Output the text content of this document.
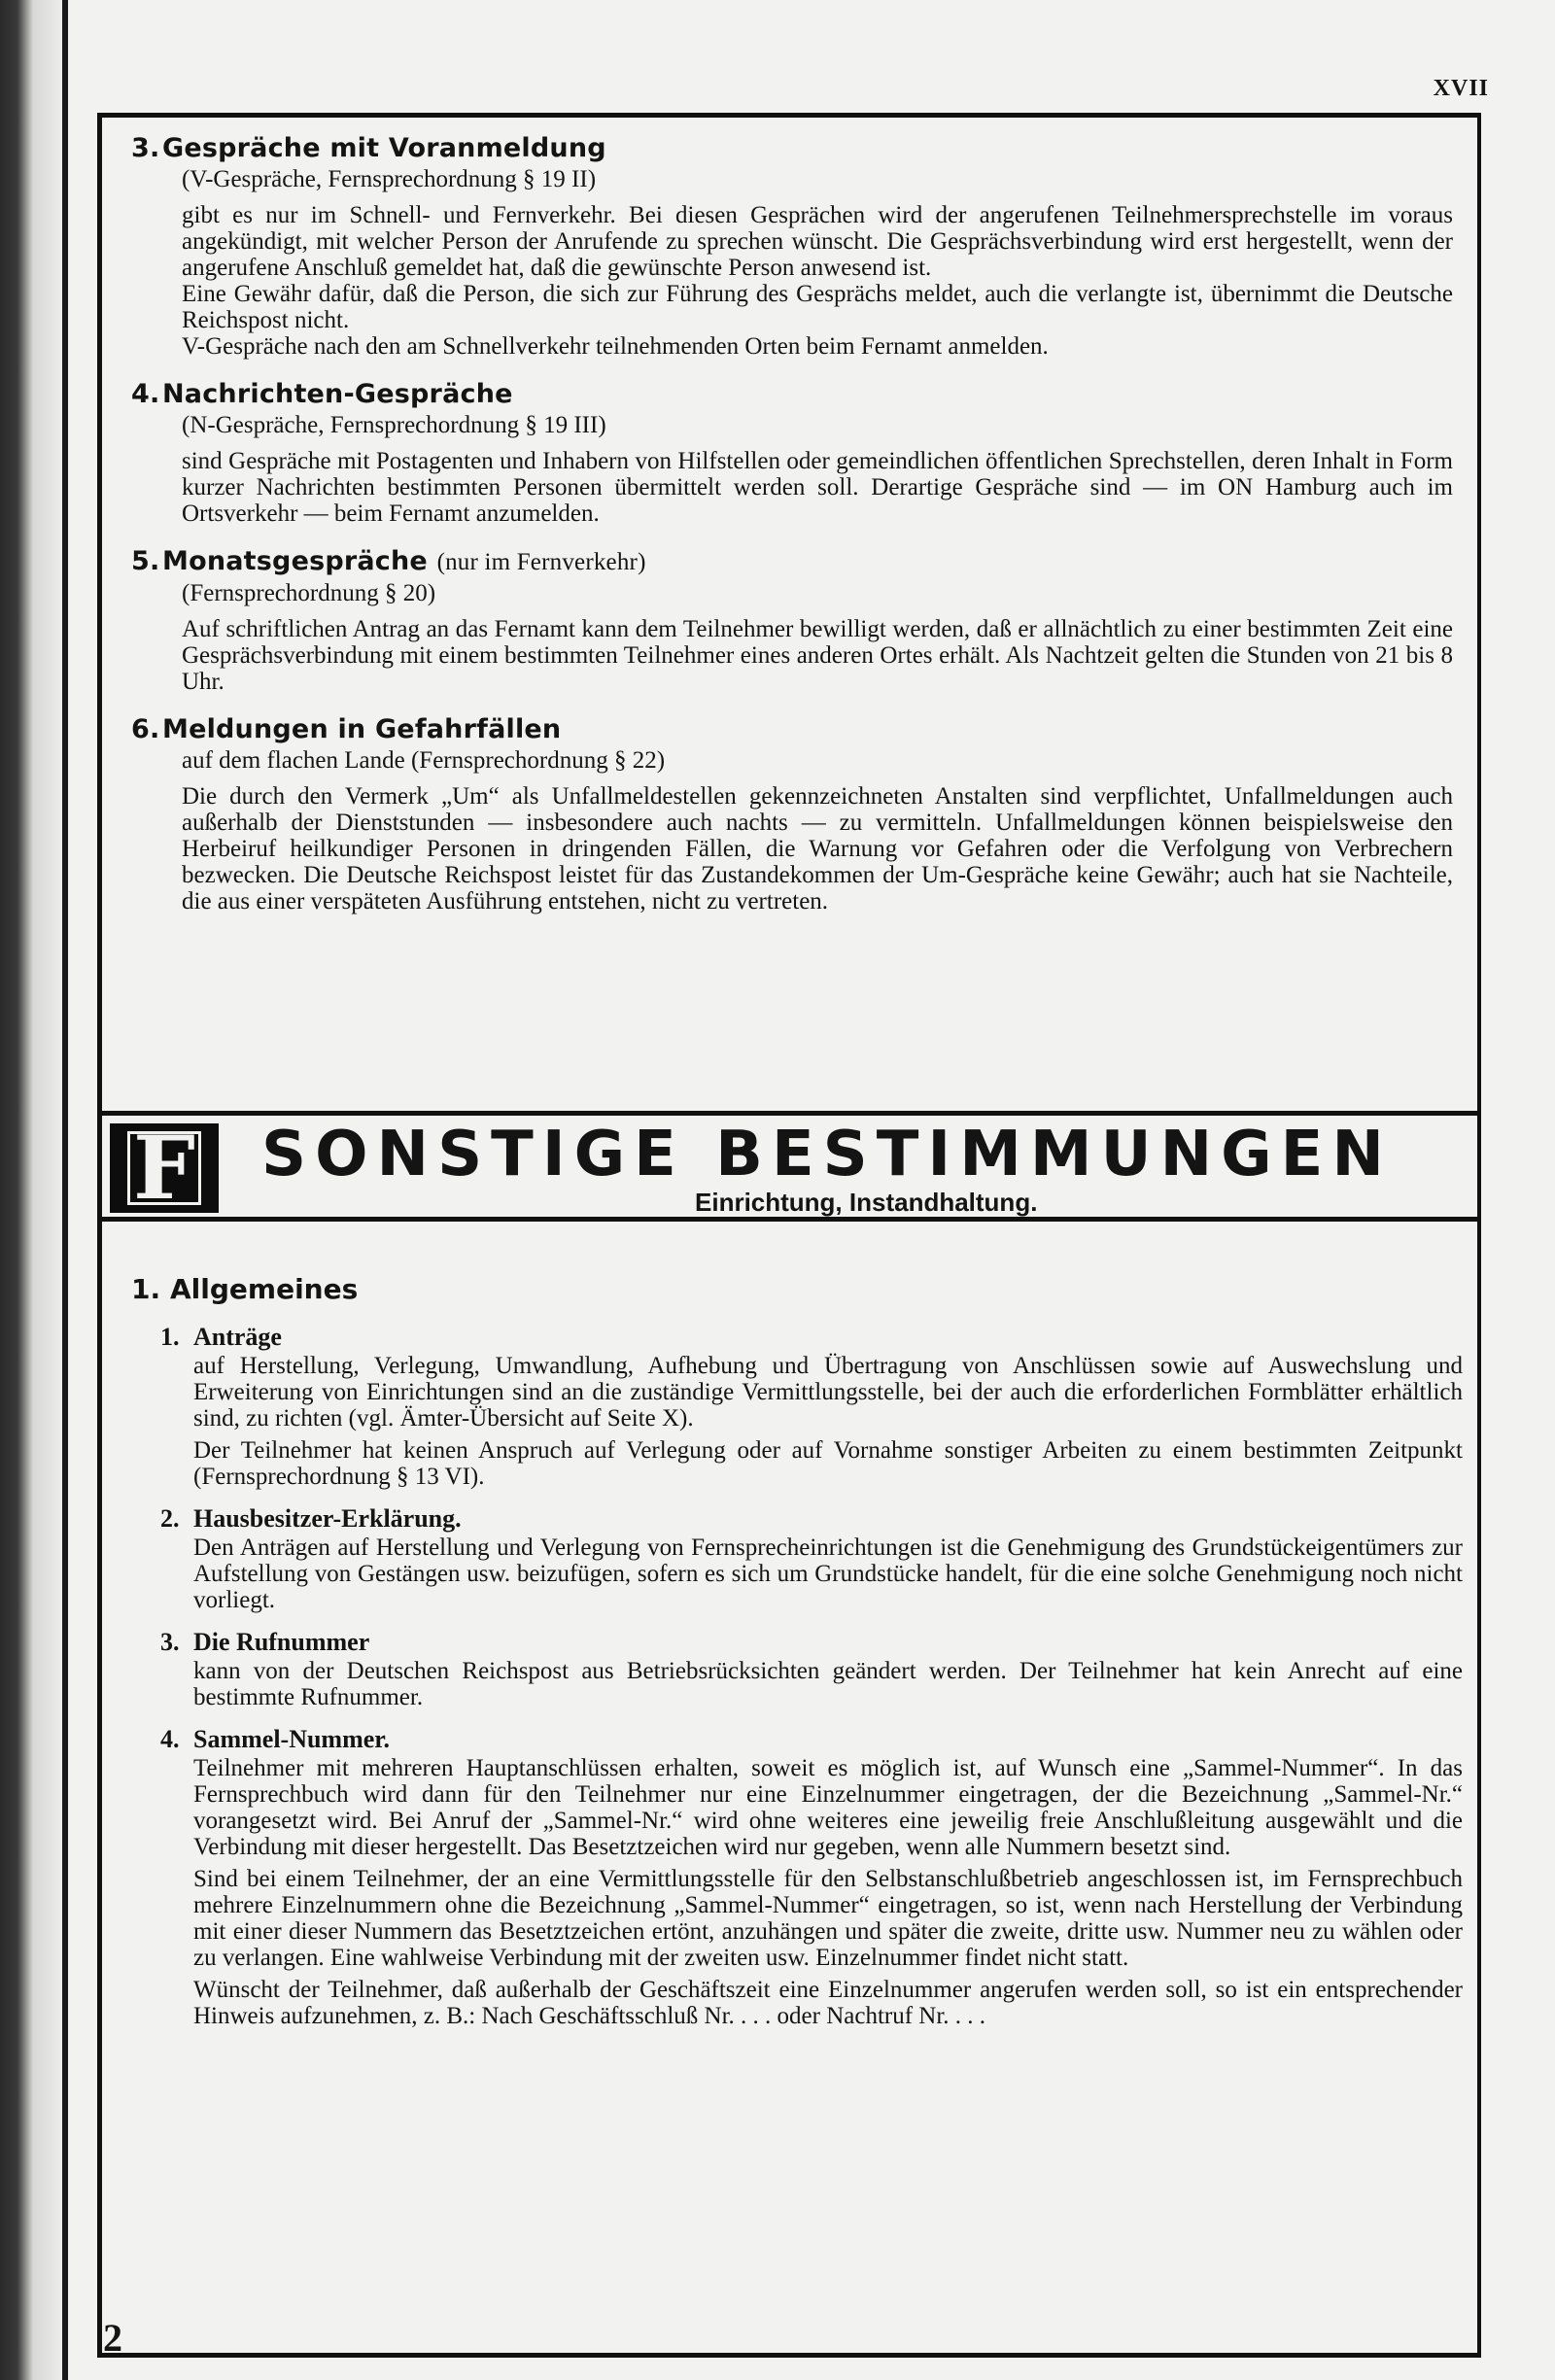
XVII
3.Gespräche mit Voranmeldung
(V-Gespräche, Fernsprechordnung § 19 II)

gibt es nur im Schnell- und Fernverkehr. Bei diesen Gesprächen wird der angerufenen Teilnehmersprechstelle im voraus angekündigt, mit welcher Person der Anrufende zu sprechen wünscht. Die Gesprächsverbindung wird erst hergestellt, wenn der angerufene Anschluß gemeldet hat, daß die gewünschte Person anwesend ist.

Eine Gewähr dafür, daß die Person, die sich zur Führung des Gesprächs meldet, auch die verlangte ist, übernimmt die Deutsche Reichspost nicht.

V-Gespräche nach den am Schnellverkehr teilnehmenden Orten beim Fernamt anmelden.

4.Nachrichten-Gespräche
(N-Gespräche, Fernsprechordnung § 19 III)

sind Gespräche mit Postagenten und Inhabern von Hilfstellen oder gemeindlichen öffentlichen Sprechstellen, deren Inhalt in Form kurzer Nachrichten bestimmten Personen übermittelt werden soll. Derartige Gespräche sind — im ON Hamburg auch im Ortsverkehr — beim Fernamt anzumelden.

5.Monatsgespräche (nur im Fernverkehr)
(Fernsprechordnung § 20)

Auf schriftlichen Antrag an das Fernamt kann dem Teilnehmer bewilligt werden, daß er allnächtlich zu einer bestimmten Zeit eine Gesprächsverbindung mit einem bestimmten Teilnehmer eines anderen Ortes erhält. Als Nachtzeit gelten die Stunden von 21 bis 8 Uhr.

6.Meldungen in Gefahrfällen
auf dem flachen Lande (Fernsprechordnung § 22)

Die durch den Vermerk „Um“ als Unfallmeldestellen gekennzeichneten Anstalten sind verpflichtet, Unfallmeldungen auch außerhalb der Dienststunden — insbesondere auch nachts — zu vermitteln. Unfallmeldungen können beispielsweise den Herbeiruf heilkundiger Personen in dringenden Fällen, die Warnung vor Gefahren oder die Verfolgung von Verbrechern bezwecken. Die Deutsche Reichspost leistet für das Zustandekommen der Um-Gespräche keine Gewähr; auch hat sie Nachteile, die aus einer verspäteten Ausführung entstehen, nicht zu vertreten.

F	SONSTIGE BESTIMMUNGEN
Einrichtung, Instandhaltung.
1. Allgemeines
1. Anträge

auf Herstellung, Verlegung, Umwandlung, Aufhebung und Übertragung von Anschlüssen sowie auf Auswechslung und Erweiterung von Einrichtungen sind an die zuständige Vermittlungsstelle, bei der auch die erforderlichen Formblätter erhältlich sind, zu richten (vgl. Ämter-Übersicht auf Seite X).

Der Teilnehmer hat keinen Anspruch auf Verlegung oder auf Vornahme sonstiger Arbeiten zu einem bestimmten Zeitpunkt (Fernsprechordnung § 13 VI).

2. Hausbesitzer-Erklärung.

Den Anträgen auf Herstellung und Verlegung von Fernsprecheinrichtungen ist die Genehmigung des Grundstückeigentümers zur Aufstellung von Gestängen usw. beizufügen, sofern es sich um Grundstücke handelt, für die eine solche Genehmigung noch nicht vorliegt.

3. Die Rufnummer

kann von der Deutschen Reichspost aus Betriebsrücksichten geändert werden. Der Teilnehmer hat kein Anrecht auf eine bestimmte Rufnummer.

4. Sammel-Nummer.

Teilnehmer mit mehreren Hauptanschlüssen erhalten, soweit es möglich ist, auf Wunsch eine „Sammel-Nummer“. In das Fernsprechbuch wird dann für den Teilnehmer nur eine Einzelnummer eingetragen, der die Bezeichnung „Sammel-Nr.“ vorangesetzt wird. Bei Anruf der „Sammel-Nr.“ wird ohne weiteres eine jeweilig freie Anschlußleitung ausgewählt und die Verbindung mit dieser hergestellt. Das Besetztzeichen wird nur gegeben, wenn alle Nummern besetzt sind.

Sind bei einem Teilnehmer, der an eine Vermittlungsstelle für den Selbstanschlußbetrieb angeschlossen ist, im Fernsprechbuch mehrere Einzelnummern ohne die Bezeichnung „Sammel-Nummer“ eingetragen, so ist, wenn nach Herstellung der Verbindung mit einer dieser Nummern das Besetztzeichen ertönt, anzuhängen und später die zweite, dritte usw. Nummer neu zu wählen oder zu verlangen. Eine wahlweise Verbindung mit der zweiten usw. Einzelnummer findet nicht statt.

Wünscht der Teilnehmer, daß außerhalb der Geschäftszeit eine Einzelnummer angerufen werden soll, so ist ein entsprechender Hinweis aufzunehmen, z. B.: Nach Geschäftsschluß Nr. . . . oder Nachtruf Nr. . . .

2
